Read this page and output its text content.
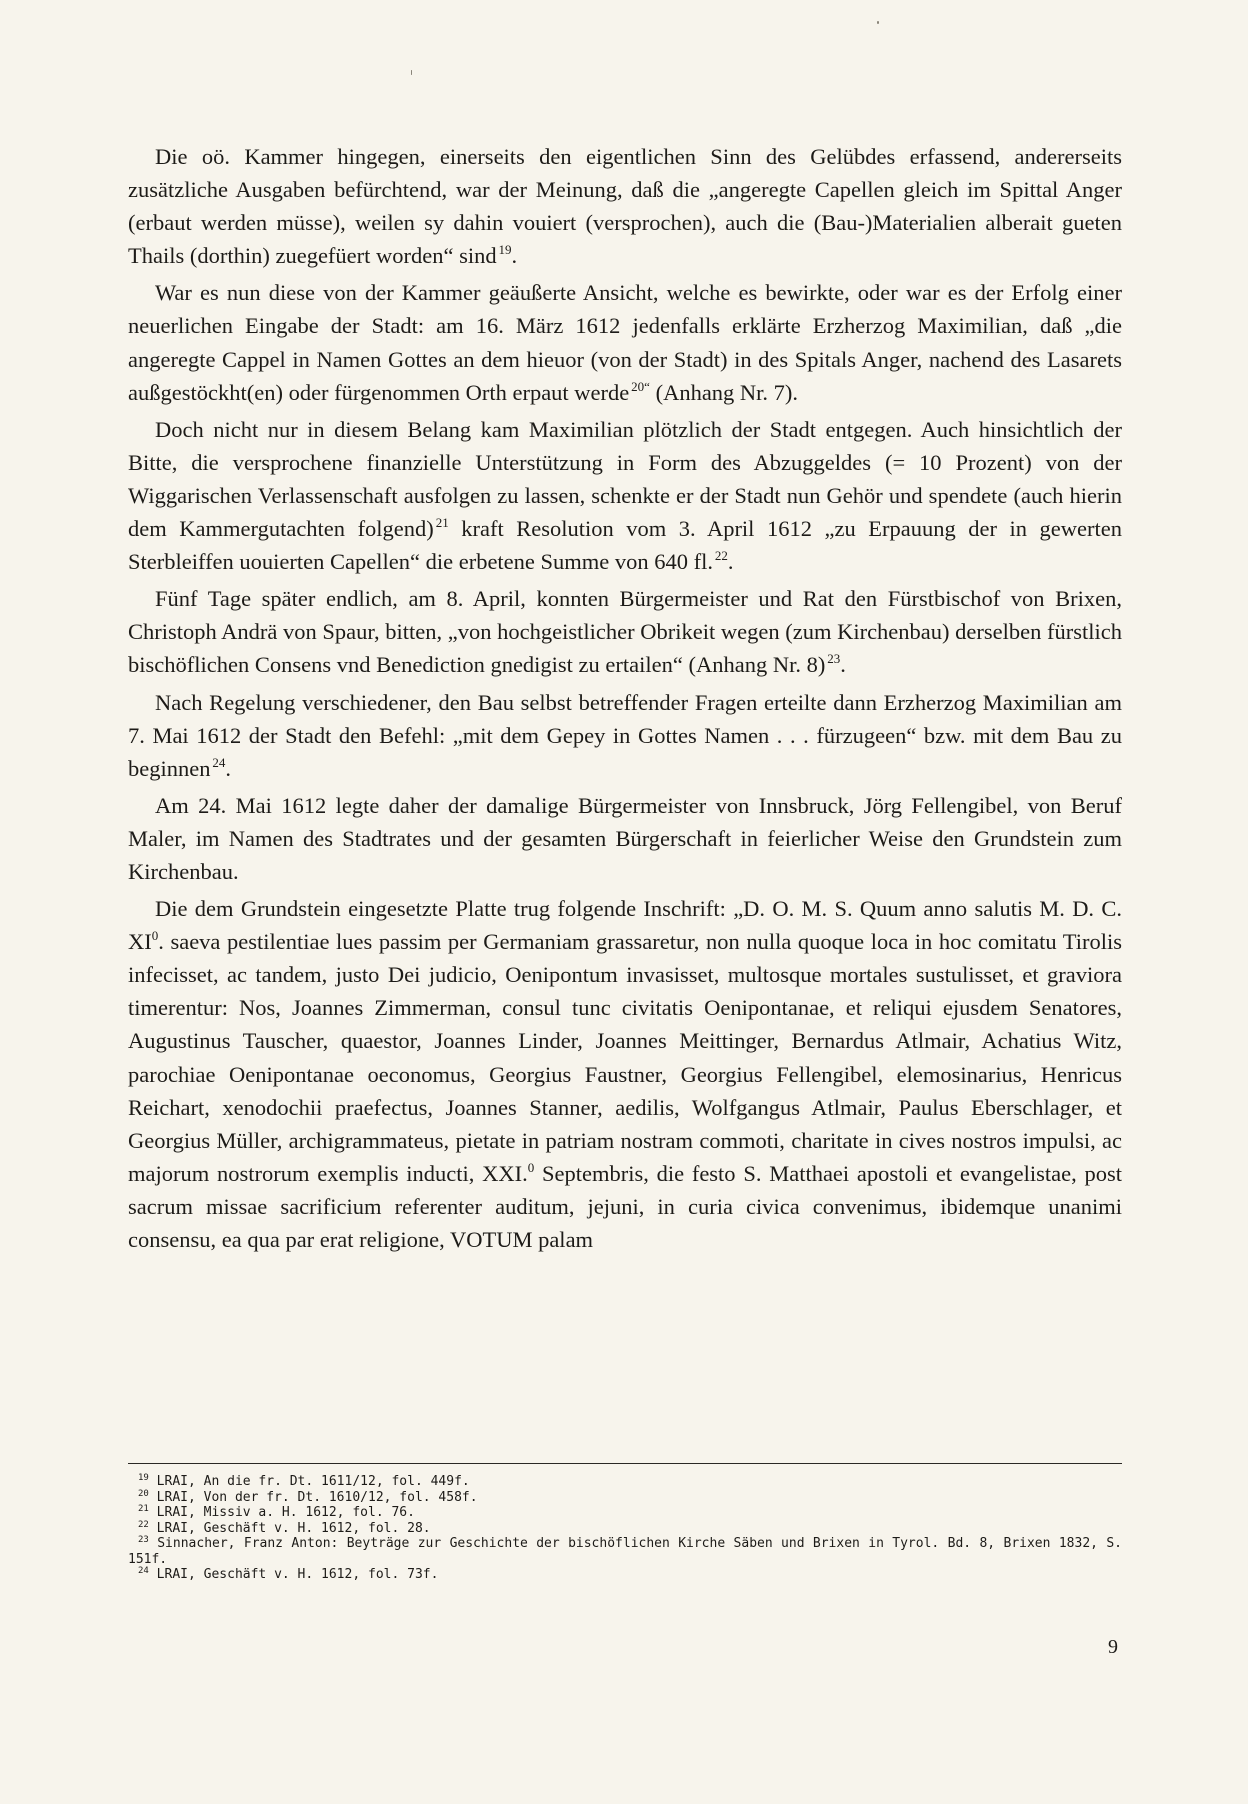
Die oö. Kammer hingegen, einerseits den eigentlichen Sinn des Gelübdes erfassend, andererseits zusätzliche Ausgaben befürchtend, war der Meinung, daß die „angeregte Capellen gleich im Spittal Anger (erbaut werden müsse), weilen sy dahin vouiert (versprochen), auch die (Bau-)Materialien alberait gueten Thails (dorthin) zuegefüert worden“ sind  $^{19}$.

War es nun diese von der Kammer geäußerte Ansicht, welche es bewirkte, oder war es der Erfolg einer neuerlichen Eingabe der Stadt: am 16. März 1612 jedenfalls erklärte Erzherzog Maximilian, daß „die angeregte Cappel in Namen Gottes an dem hieuor (von der Stadt) in des Spitals Anger, nachend des Lasarets außgestöckht(en) oder fürgenommen Orth erpaut werde  $^{20“}$ (Anhang Nr. 7).

Doch nicht nur in diesem Belang kam Maximilian plötzlich der Stadt entgegen. Auch hinsichtlich der Bitte, die versprochene finanzielle Unterstützung in Form des Abzuggeldes (= 10 Prozent) von der Wiggarischen Verlassenschaft ausfolgen zu lassen, schenkte er der Stadt nun Gehör und spendete (auch hierin dem Kammergutachten folgend)  $^{21}$ kraft Resolution vom 3. April 1612 „zu Erpauung der in gewerten Sterbleiffen uouierten Capellen“ die erbetene Summe von 640 fl.  $^{22}$.

Fünf Tage später endlich, am 8. April, konnten Bürgermeister und Rat den Fürstbischof von Brixen, Christoph Andrä von Spaur, bitten, „von hochgeistlicher Obrikeit wegen (zum Kirchenbau) derselben fürstlich bischöflichen Consens vnd Benediction gnedigist zu ertailen“ (Anhang Nr. 8)  $^{23}$.

Nach Regelung verschiedener, den Bau selbst betreffender Fragen erteilte dann Erzherzog Maximilian am 7. Mai 1612 der Stadt den Befehl: „mit dem Gepey in Gottes Namen . . . fürzugeen“ bzw. mit dem Bau zu beginnen  $^{24}$.

Am 24. Mai 1612 legte daher der damalige Bürgermeister von Innsbruck, Jörg Fellengibel, von Beruf Maler, im Namen des Stadtrates und der gesamten Bürgerschaft in feierlicher Weise den Grundstein zum Kirchenbau.

Die dem Grundstein eingesetzte Platte trug folgende Inschrift: „D. O. M. S. Quum anno salutis M. D. C. $XI^0$. saeva pestilentiae lues passim per Germaniam grassaretur, non nulla quoque loca in hoc comitatu Tirolis infecisset, ac tandem, justo Dei judicio, Oenipontum invasisset, multosque mortales sustulisset, et graviora timerentur: Nos, Joannes Zimmerman, consul tunc civitatis Oenipontanae, et reliqui ejusdem Senatores, Augustinus Tauscher, quaestor, Joannes Linder, Joannes Meittinger, Bernardus Atlmair, Achatius Witz, parochiae Oenipontanae oeconomus, Georgius Faustner, Georgius Fellengibel, elemosinarius, Henricus Reichart, xenodochii praefectus, Joannes Stanner, aedilis, Wolfgangus Atlmair, Paulus Eberschlager, et Georgius Müller, archigrammateus, pietate in patriam nostram commoti, charitate in cives nostros impulsi, ac majorum nostrorum exemplis inducti, XXI.$^0$ Septembris, die festo S. Matthaei apostoli et evangelistae, post sacrum missae sacrificium referenter auditum, jejuni, in curia civica convenimus, ibidemque unanimi consensu, ea qua par erat religione, VOTUM palam

$^{19}$ LRAI, An die fr. Dt. 1611/12, fol. 449f.

$^{20}$ LRAI, Von der fr. Dt. 1610/12, fol. 458f.

$^{21}$ LRAI, Missiv a. H. 1612, fol. 76.

$^{22}$ LRAI, Geschäft v. H. 1612, fol. 28.

$^{23}$ Sinnacher, Franz Anton: Beyträge zur Geschichte der bischöflichen Kirche Säben und Brixen in Tyrol. Bd. 8, Brixen 1832, S. 151f.

$^{24}$ LRAI, Geschäft v. H. 1612, fol. 73f.

9
